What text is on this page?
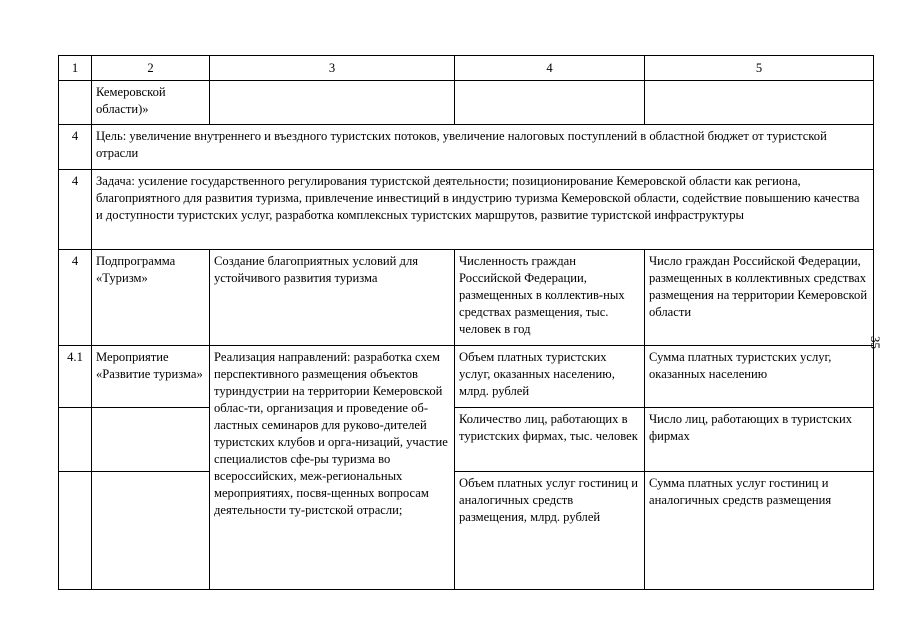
1	2	3	4	5
	Кемеровской области)»			
4	Цель: увеличение внутреннего и въездного туристских потоков, увеличение налоговых поступлений в областной бюджет от туристской отрасли			
4	Задача: усиление государственного регулирования туристской деятельности; позиционирование Кемеровской области как региона, благоприятного для развития туризма, привлечение инвестиций в индустрию туризма Кемеровской области, содействие повышению качества и доступности туристских услуг, разработка комплексных туристских маршрутов, развитие туристской инфраструктуры			
4	Подпрограмма «Туризм»	Создание благоприятных условий для устойчивого развития туризма	Численность граждан Российской Федерации, размещенных в коллектив-ных средствах размещения, тыс. человек в год	Число граждан Российской Федерации, размещенных в коллективных средствах размещения на территории Кемеровской области
4.1	Мероприятие «Развитие туризма»	Реализация направлений: разработка схем перспективного размещения объектов туриндустрии на территории Кемеровской облас-ти, организация и проведение об-ластных семинаров для руково-дителей туристских клубов и орга-низаций, участие специалистов сфе-ры туризма во всероссийских, меж-региональных мероприятиях, посвя-щенных вопросам деятельности ту-ристской отрасли;	Объем платных туристских услуг, оказанных населению, млрд. рублей	Сумма платных туристских услуг, оказанных населению
			Количество лиц, работающих в туристских фирмах, тыс. человек	Число лиц, работающих в туристских фирмах
			Объем платных услуг гостиниц и аналогичных средств размещения, млрд. рублей	Сумма платных услуг гостиниц и аналогичных средств размещения
35
